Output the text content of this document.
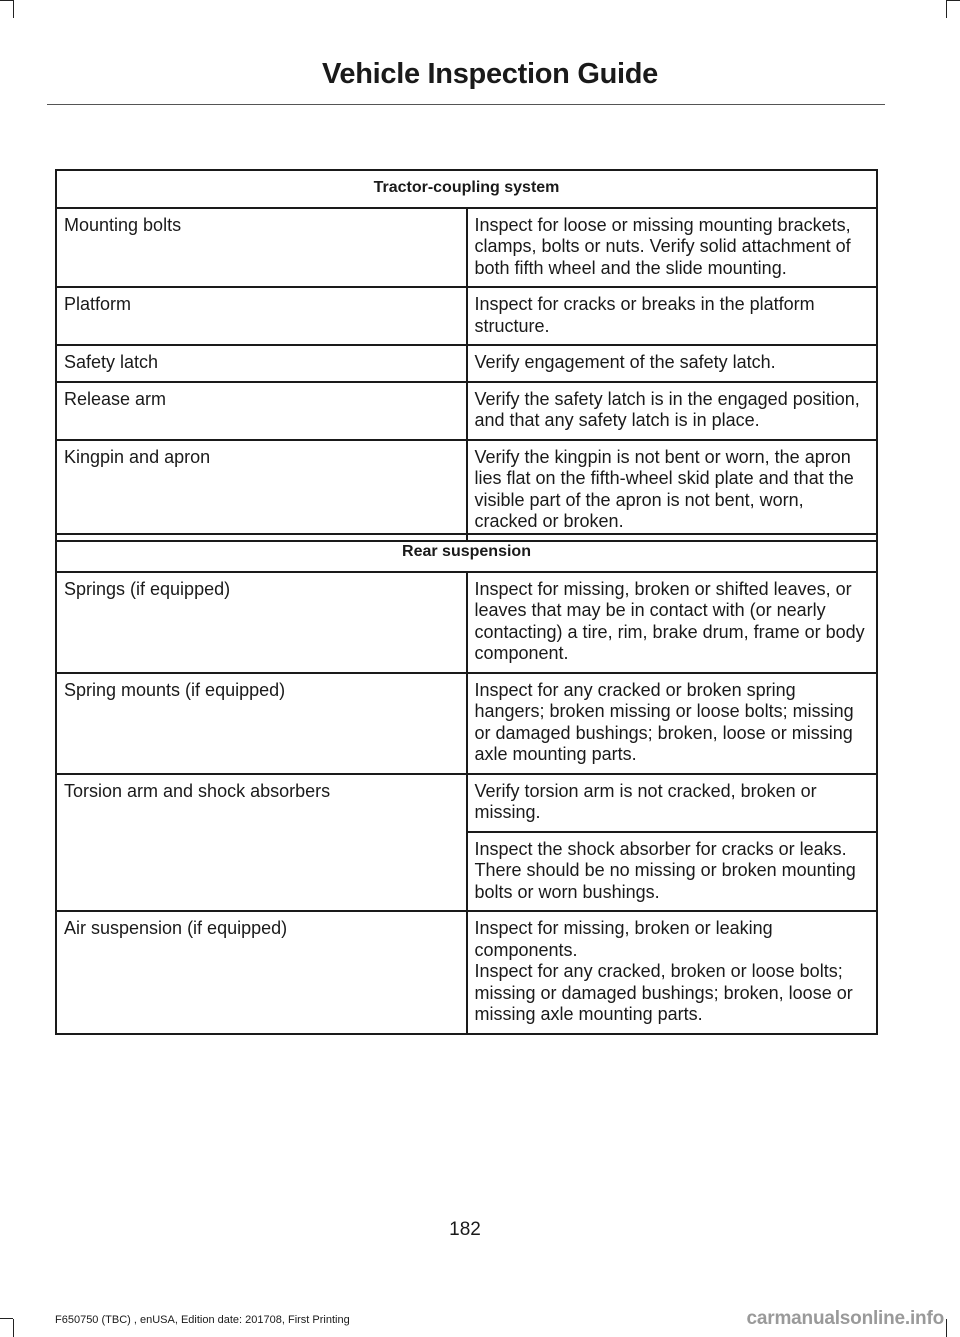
Vehicle Inspection Guide
Tractor-coupling system	
Mounting bolts	Inspect for loose or missing mounting brackets, clamps, bolts or nuts. Verify solid attachment of both fifth wheel and the slide mounting.
Platform	Inspect for cracks or breaks in the platform structure.
Safety latch	Verify engagement of the safety latch.
Release arm	Verify the safety latch is in the engaged position, and that any safety latch is in place.
Kingpin and apron	Verify the kingpin is not bent or worn, the apron lies flat on the fifth-wheel skid plate and that the visible part of the apron is not bent, worn, cracked or broken.
Rear suspension	
Springs (if equipped)	Inspect for missing, broken or shifted leaves, or leaves that may be in contact with (or nearly contacting) a tire, rim, brake drum, frame or body component.
Spring mounts (if equipped)	Inspect for any cracked or broken spring hangers; broken missing or loose bolts; missing or damaged bushings; broken, loose or missing axle mounting parts.
Torsion arm and shock absorbers	Verify torsion arm is not cracked, broken or missing.
	Inspect the shock absorber for cracks or leaks. There should be no missing or broken mounting bolts or worn bushings.
Air suspension (if equipped)	Inspect for missing, broken or leaking components.
Inspect for any cracked, broken or loose bolts; missing or damaged bushings; broken, loose or missing axle mounting parts.
182
F650750 (TBC) , enUSA, Edition date: 201708, First Printing	carmanualsonline.info
